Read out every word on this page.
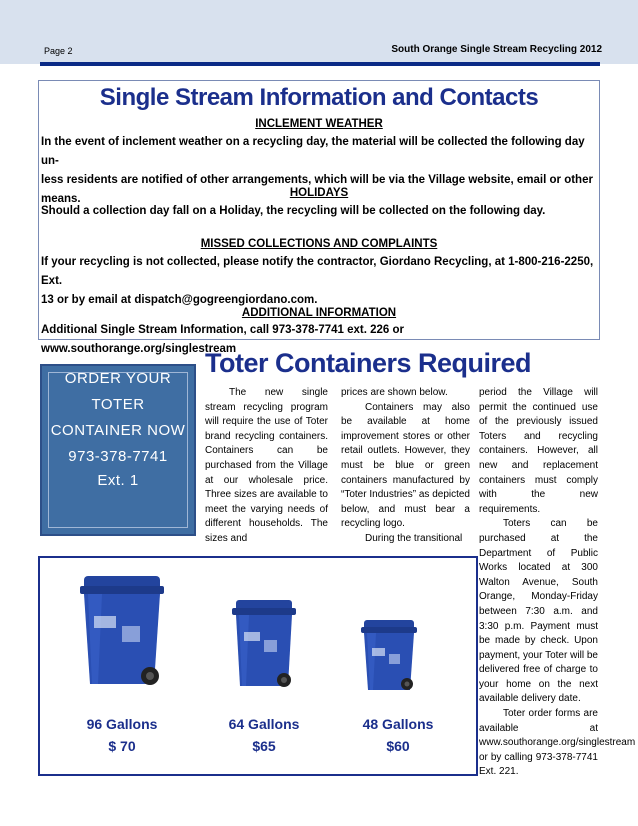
Page 2	South Orange Single Stream Recycling 2012
Single Stream Information and Contacts
INCLEMENT WEATHER
In the event of inclement weather on a recycling day, the material will be collected the following day un-
less residents are notified of other arrangements, which will be via the Village website, email or other
means.	HOLIDAYS
Should a collection day fall on a Holiday, the recycling will be collected on the following day.
MISSED COLLECTIONS AND COMPLAINTS
If your recycling is not collected, please notify the contractor, Giordano Recycling, at 1-800-216-2250, Ext.
13 or by email at dispatch@gogreengiordano.com.
ADDITIONAL INFORMATION
Additional Single Stream Information, call 973-378-7741 ext. 226 or www.southorange.org/singlestream
ORDER YOUR
TOTER
CONTAINER NOW
973-378-7741
Ext. 1
Toter Containers Required

The new single stream recycling program will require the use of Toter brand recycling containers. Containers can be purchased from the Village at our wholesale price. Three sizes are available to meet the varying needs of different households. The sizes and

prices are shown below.

Containers may also be available at home improvement stores or other retail outlets. However, they must be blue or green containers manufactured by “Toter Industries” as depicted below, and must bear a recycling logo.

During the transitional

period the Village will permit the continued use of the previously issued Toters and recycling containers. However, all new and replacement containers must comply with the new requirements.

Toters can be purchased at the Department of Public Works located at 300 Walton Avenue, South Orange, Monday-Friday between 7:30 a.m. and 3:30 p.m. Payment must be made by check. Upon payment, your Toter will be delivered free of charge to your home on the next available delivery date.

Toter order forms are available at www.southorange.org/singlestream or by calling 973-378-7741 Ext. 221.

96 Gallons
$ 70
64 Gallons
$65
48 Gallons
$60
